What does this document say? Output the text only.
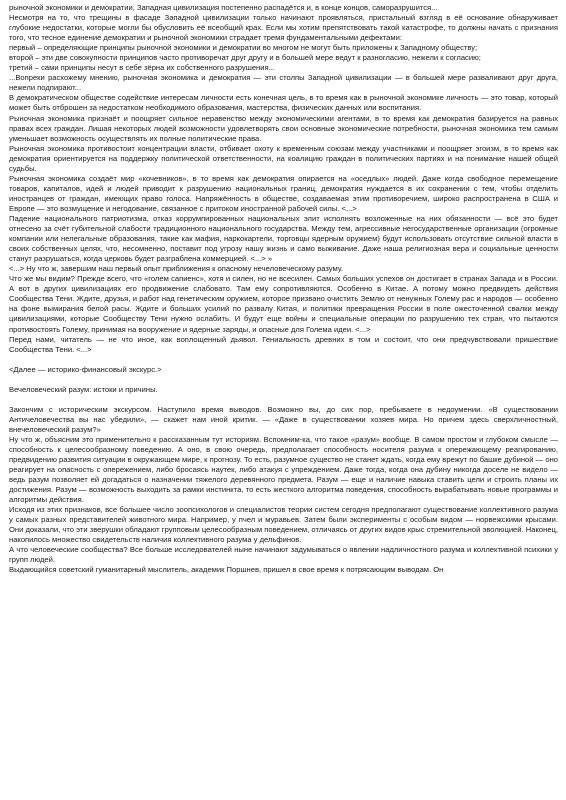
рыночной экономики и демократии, Западная цивилизация постепенно распадётся и, в конце концов, саморазрушится...

Несмотря на то, что трещины в фасаде Западной цивилизации только начинают проявляться, пристальный взгляд в её основание обнаруживает глубокие недостатки, которые могли бы обусловить её всеобщий крах. Если мы хотим препятствовать такой катастрофе, то должны начать с признания того, что тесное единение демократии и рыночной экономики страдает тремя фундаментальными дефектами:

первый – определяющие принципы рыночной экономики и демократии во многом не могут быть приложены к Западному обществу;

второй – эти две совокупности принципов часто противоречат друг другу и в большей мере ведут к разногласию, нежели к согласию;

третий – сами принципы несут в себе зёрна их собственного разрушения...

...Вопреки расхожему мнению, рыночная экономика и демократия — эти столпы Западной цивилизации — в большей мере разваливают друг друга, нежели подпирают...

В демократическом обществе содействие интересам личности есть конечная цель, в то время как в рыночной экономике личность — это товар, который может быть отброшен за недостатком необходимого образования, мастерства, физических данных или воспитания.

Рыночная экономика признаёт и поощряет сильное неравенство между экономическими агентами, в то время как демократия базируется на равных правах всех граждан. Лишая некоторых людей возможности удовлетворять свои основные экономические потребности, рыночная экономика тем самым уменьшает возможность осуществлять их полные политические права.

Рыночная экономика противостоит концентрации власти, отбивает охоту к временным союзам между участниками и поощряет эгоизм, в то время как демократия ориентируется на поддержку политической ответственности, на коалицию граждан в политических партиях и на понимание нашей общей судьбы.

Рыночная экономика создаёт мир «кочевников», в то время как демократия опирается на «оседлых» людей. Даже когда свободное перемещение товаров, капиталов, идей и людей приводит к разрушению национальных границ, демократия нуждается в их сохранении с тем, чтобы отделить иностранцев от граждан, имеющих право голоса. Напряжённость в обществе, создаваемая этим противоречием, широко распространена в США и Европе — это возмущение и негодование, связанное с притоком иностранной рабочей силы. <...>

Падение национального патриотизма, отказ коррумпированных национальных элит исполнять возложенные на них обязанности — всё это будет отнесено за счёт губительной слабости традиционного национального государства. Между тем, агрессивные негосударственные организации (огромные компании или нелегальные образования, такие как мафия, наркокартели, торговцы ядерным оружием) будут использовать отсутствие сильной власти в своих собственных целях, что, несомненно, поставит под угрозу нашу жизнь и само выживание. Даже наша религиозная вера и социальные ценности станут разрушаться, когда церковь будет разграблена коммерцией. <...> »

<...> Ну что ж, завершим наш первый опыт приближения к опасному нечеловеческому разуму.

Что же мы видим? Прежде всего, что «голем сапиенс», хотя и силен, но не всесилен. Самых больших успехов он достигает в странах Запада и в России. А вот в других цивилизациях его продвижение слабовато. Там ему сопротивляются. Особенно в Китае. А потому можно предвидеть действия Сообщества Тени. Ждите, друзья, и работ над генетическим оружием, которое призвано очистить Землю от ненужных Голему рас и народов — особенно на фоне вымирания белой расы. Ждите и больших усилий по развалу Китая, и политики превращения России в поле ожесточенной свалки между цивилизациями, которые Сообществу Тени нужно ослабить. И будут еще войны и специальные операции по разрушению тех стран, что пытаются противостоять Голему, принимая на вооружение и ядерные заряды, и опасные для Голема идеи. <...>

Перед нами, читатель — не что иное, как воплощенный дьявол. Гениальность древних в том и состоит, что они предчувствовали пришествие Сообщества Тени. <...>

<Далее — историко-финансовый экскурс.>

Вечеловеческий разум: истоки и причины.

Закончим с историческим экскурсом. Наступило время выводов. Возможно вы, до сих пор, пребываете в недоумении. «В существовании Античеловечества вы нас убедили», — скажет нам иной критик. — «Даже в существовании хозяев мира. Но причем здесь сверхличностный, внечеловеческий разум?»

Ну что ж, объясним это применительно к рассказанным тут историям. Вспомним-ка, что такое «разум» вообще. В самом простом и глубоком смысле — способность к целесообразному поведению. А оно, в свою очередь, предполагает способность носителя разума к опережающему реагированию, предвидению развития ситуации в окружающем мире, к прогнозу. То есть, разумное существо не станет ждать, когда ему врежут по башке дубиной — оно реагирует на опасность с опережением, либо бросаясь наутек, либо атакуя с упреждением. Даже тогда, когда она дубину никогда доселе не видело — ведь разум позволяет ей догадаться о назначении тяжелого деревянного предмета. Разум — еще и наличие навыка ставить цели и строить планы их достижения. Разум — возможность выходить за рамки инстинкта, то есть жесткого алгоритма поведения, способность вырабатывать новые программы и алгоритмы действия.

Исходя из этих признаков, все большее число зоопсихологов и специалистов теории систем сегодня предполагают существование коллективного разума у самых разных представителей животного мира. Например, у пчел и муравьев. Затем были эксперименты с особым видом — норвежскими крысами. Они доказали, что эти зверушки обладают групповым целесообразным поведением, отличаясь от других видов крыс стремительной эволюцией. Наконец, накопилось множество свидетельств наличия коллективного разума у дельфинов.

А что человеческие сообщества? Все больше исследователей ныне начинают задумываться о явлении надличностного разума и коллективной психики у групп людей.

Выдающийся советский гуманитарный мыслитель, академик Поршнев, пришел в свое время к потрясающим выводам. Он
